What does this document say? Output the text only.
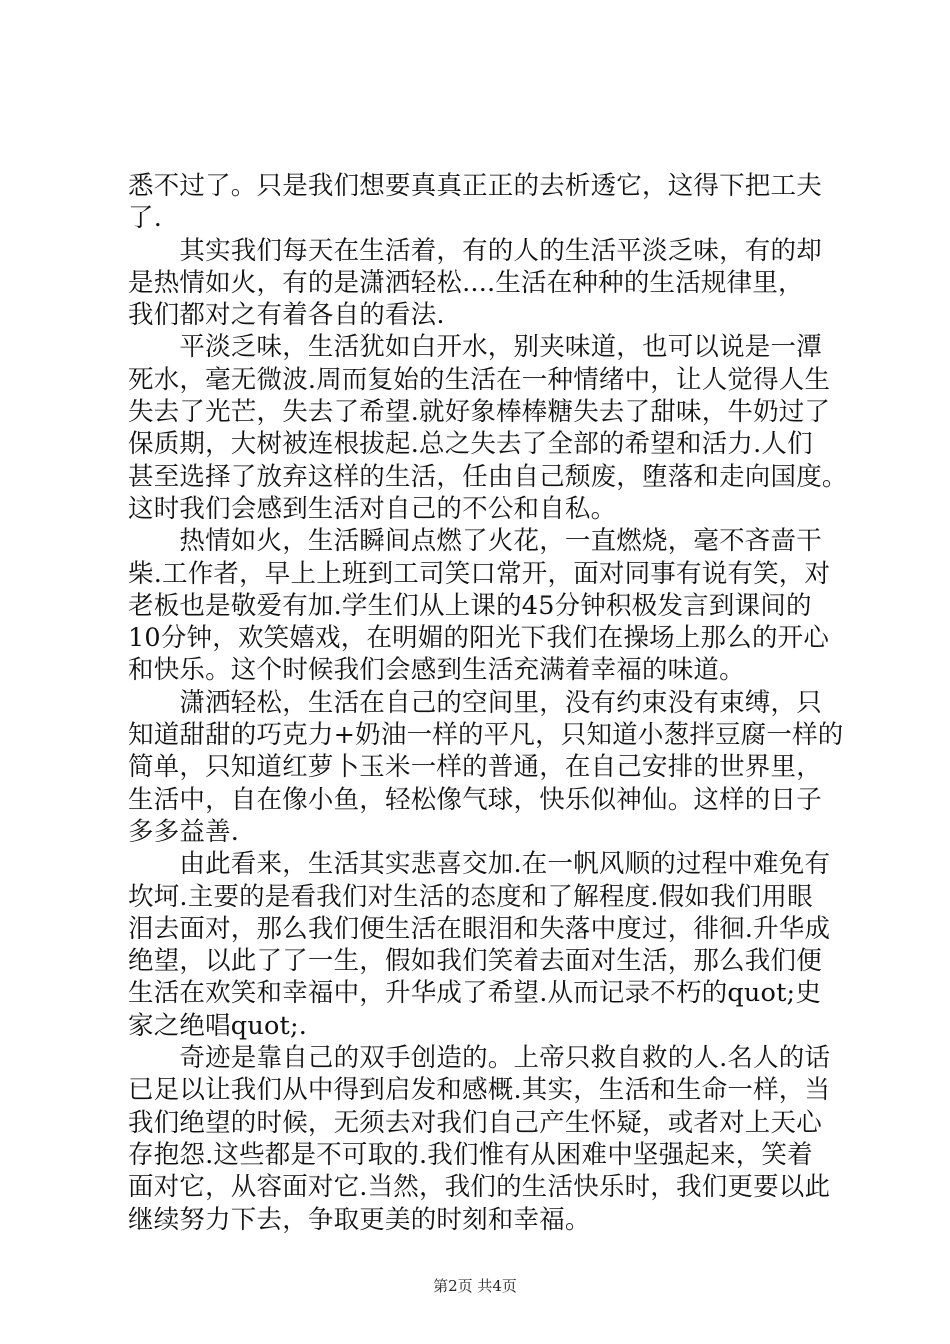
悉不过了。只是我们想要真真正正的去析透它，这得下把工夫
了.
　　其实我们每天在生活着，有的人的生活平淡乏味，有的却
是热情如火，有的是潇洒轻松....生活在种种的生活规律里，
我们都对之有着各自的看法.
　　平淡乏味，生活犹如白开水，别夹味道，也可以说是一潭
死水，毫无微波.周而复始的生活在一种情绪中，让人觉得人生
失去了光芒，失去了希望.就好象棒棒糖失去了甜味，牛奶过了
保质期，大树被连根拔起.总之失去了全部的希望和活力.人们
甚至选择了放弃这样的生活，任由自己颓废，堕落和走向国度。
这时我们会感到生活对自己的不公和自私。
　　热情如火，生活瞬间点燃了火花，一直燃烧，毫不吝啬干
柴.工作者，早上上班到工司笑口常开，面对同事有说有笑，对
老板也是敬爱有加.学生们从上课的45分钟积极发言到课间的
10分钟，欢笑嬉戏，在明媚的阳光下我们在操场上那么的开心
和快乐。这个时候我们会感到生活充满着幸福的味道。
　　潇洒轻松，生活在自己的空间里，没有约束没有束缚，只
知道甜甜的巧克力+奶油一样的平凡，只知道小葱拌豆腐一样的
简单，只知道红萝卜玉米一样的普通，在自己安排的世界里，
生活中，自在像小鱼，轻松像气球，快乐似神仙。这样的日子
多多益善.
　　由此看来，生活其实悲喜交加.在一帆风顺的过程中难免有
坎坷.主要的是看我们对生活的态度和了解程度.假如我们用眼
泪去面对，那么我们便生活在眼泪和失落中度过，徘徊.升华成
绝望，以此了了一生，假如我们笑着去面对生活，那么我们便
生活在欢笑和幸福中，升华成了希望.从而记录不朽的quot;史
家之绝唱quot;.
　　奇迹是靠自己的双手创造的。上帝只救自救的人.名人的话
已足以让我们从中得到启发和感概.其实，生活和生命一样，当
我们绝望的时候，无须去对我们自己产生怀疑，或者对上天心
存抱怨.这些都是不可取的.我们惟有从困难中坚强起来，笑着
面对它，从容面对它.当然，我们的生活快乐时，我们更要以此
继续努力下去，争取更美的时刻和幸福。
第2页 共4页
